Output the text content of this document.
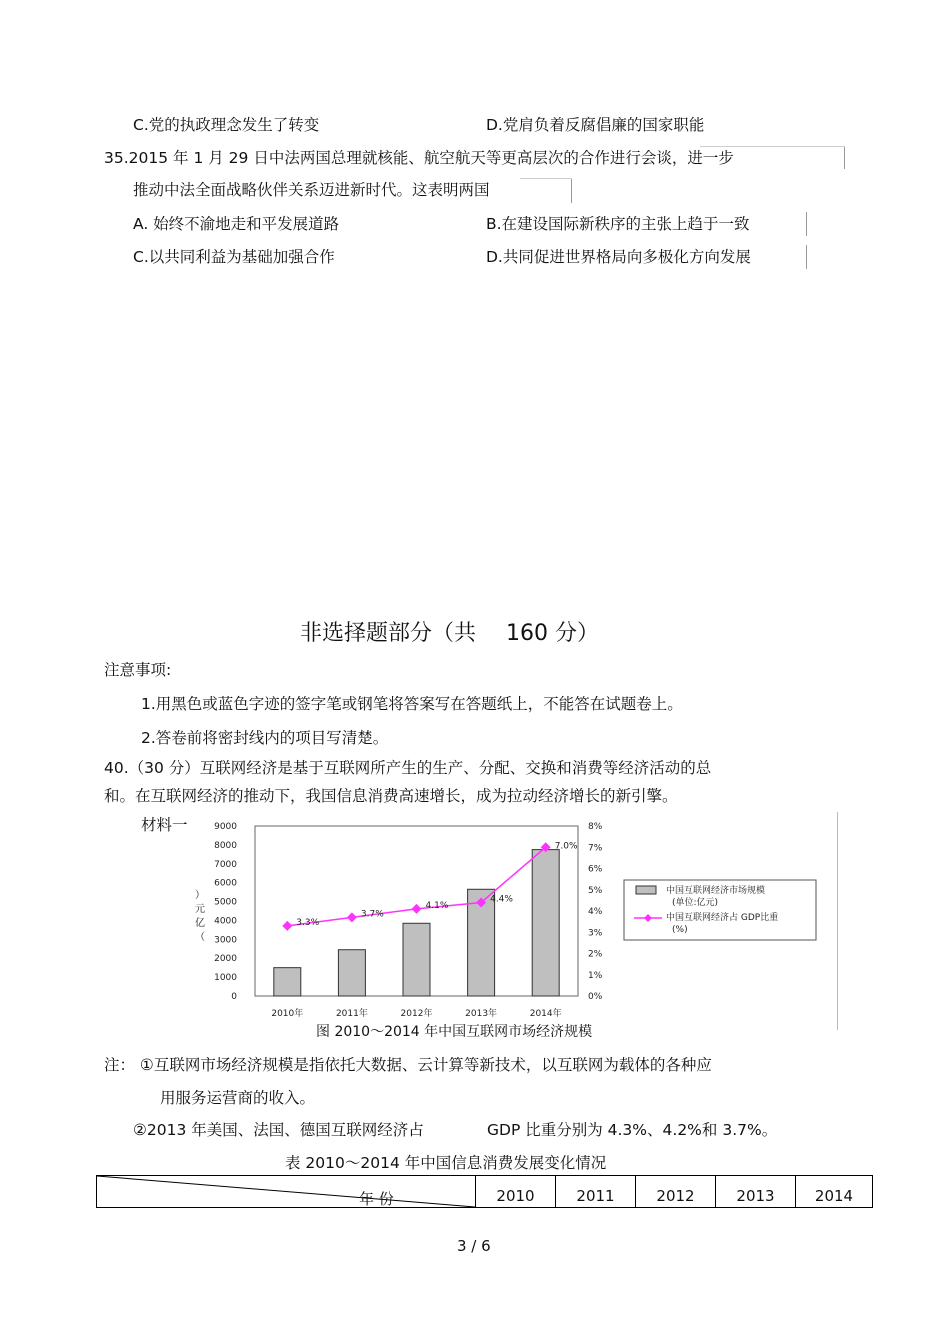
C.党的执政理念发生了转变	D.党肩负着反腐倡廉的国家职能
35.2015 年 1 月 29 日中法两国总理就核能、航空航天等更高层次的合作进行会谈，进一步
推动中法全面战略伙伴关系迈进新时代。这表明两国
A. 始终不渝地走和平发展道路	B.在建设国际新秩序的主张上趋于一致
C.以共同利益为基础加强合作	D.共同促进世界格局向多极化方向发展
非选择题部分（共 160 分）
注意事项:
1.用黑色或蓝色字迹的签字笔或钢笔将答案写在答题纸上，不能答在试题卷上。
2.答卷前将密封线内的项目写清楚。
40.（30 分）互联网经济是基于互联网所产生的生产、分配、交换和消费等经济活动的总
和。在互联网经济的推动下，我国信息消费高速增长，成为拉动经济增长的新引擎。
材料一
0
1000
2000
3000
4000
5000
6000
7000
8000
9000
0%
1%
2%
3%
4%
5%
6%
7%
8%
）
元
亿
（
2010年	2011年	2012年	2013年	2014年
3.3%
3.7%
4.1%
4.4%
7.0%
中国互联网经济市场规模
(单位:亿元)
中国互联网经济占 GDP比重
(%)
图 2010～2014 年中国互联网市场经济规模
注： ①互联网市场经济规模是指依托大数据、云计算等新技术，以互联网为载体的各种应
用服务运营商的收入。
②2013 年美国、法国、德国互联网经济占	GDP 比重分别为 4.3%、4.2%和 3.7%。
表 2010～2014 年中国信息消费发展变化情况
年 份	2010	2011	2012	2013	2014
3 / 6
